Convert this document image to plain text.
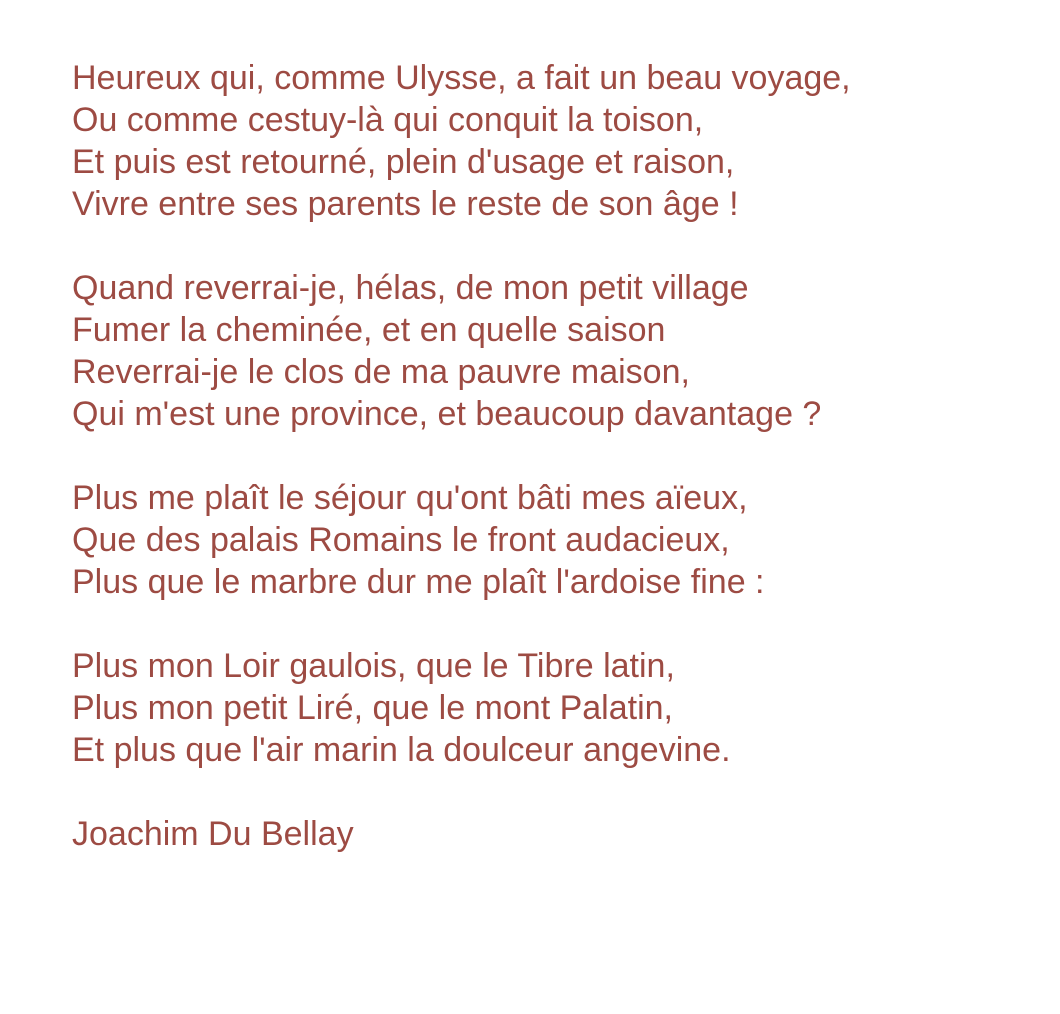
Heureux qui, comme Ulysse, a fait un beau voyage,

Ou comme cestuy-là qui conquit la toison,

Et puis est retourné, plein d'usage et raison,

Vivre entre ses parents le reste de son âge !

Quand reverrai-je, hélas, de mon petit village

Fumer la cheminée, et en quelle saison

Reverrai-je le clos de ma pauvre maison,

Qui m'est une province, et beaucoup davantage ?

Plus me plaît le séjour qu'ont bâti mes aïeux,

Que des palais Romains le front audacieux,

Plus que le marbre dur me plaît l'ardoise fine :

Plus mon Loir gaulois, que le Tibre latin,

Plus mon petit Liré, que le mont Palatin,

Et plus que l'air marin la doulceur angevine.

Joachim Du Bellay
